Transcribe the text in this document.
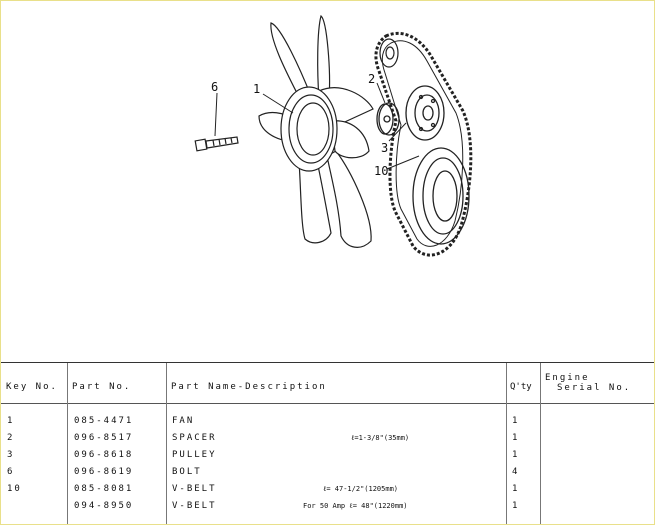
6	1
2
3
10
Key No. Part No.	Part Name-Description	Q'ty
Engine
Serial No.
1	085-4471	FAN	1
2	096-8517	SPACER	ℓ=1-3/8"(35mm)	1
3	096-8618	PULLEY	1
6	096-8619	BOLT	4
10	085-8081	V-BELT	ℓ= 47-1/2"(1205mm)	1
094-8950	V-BELT	For 50 Amp ℓ= 48"(1220mm)	1
